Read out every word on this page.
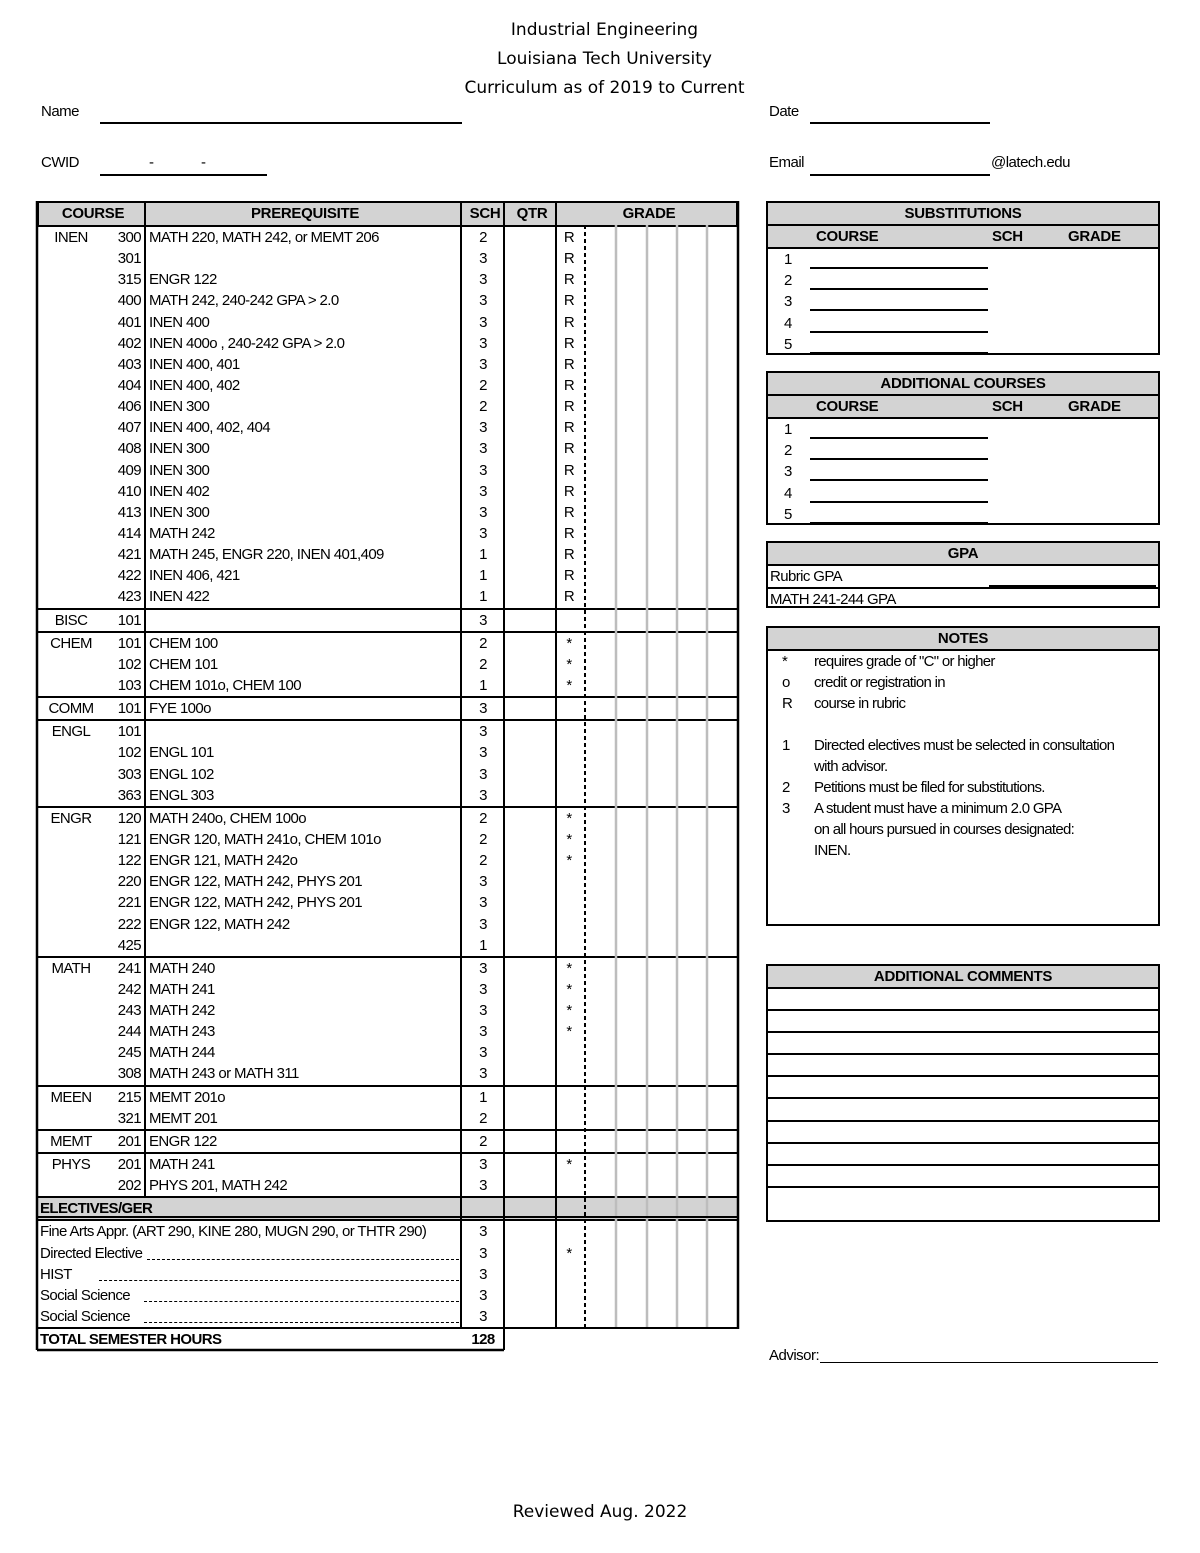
Industrial Engineering
Louisiana Tech University
Curriculum as of 2019 to Current
Name	Date
CWID	-	-	Email	@latech.edu
COURSE	PREREQUISITE	SCH	QTR	GRADE
INEN	300 MATH 220, MATH 242, or MEMT 206	2	R
301	3	R
315 ENGR 122	3	R
400 MATH 242, 240-242 GPA > 2.0	3	R
401 INEN 400	3	R
402 INEN 400o , 240-242 GPA > 2.0	3	R
403 INEN 400, 401	3	R
404 INEN 400, 402	2	R
406 INEN 300	2	R
407 INEN 400, 402, 404	3	R
408 INEN 300	3	R
409 INEN 300	3	R
410 INEN 402	3	R
413 INEN 300	3	R
414 MATH 242	3	R
421 MATH 245, ENGR 220, INEN 401,409	1	R
422 INEN 406, 421	1	R
423 INEN 422	1	R
BISC	101	3
CHEM	101 CHEM 100	2	*
102 CHEM 101	2	*
103 CHEM 101o, CHEM 100	1	*
COMM	101 FYE 100o	3
ENGL	101	3
102 ENGL 101	3
303 ENGL 102	3
363 ENGL 303	3
ENGR	120 MATH 240o, CHEM 100o	2	*
121 ENGR 120, MATH 241o, CHEM 101o	2	*
122 ENGR 121, MATH 242o	2	*
220 ENGR 122, MATH 242, PHYS 201	3
221 ENGR 122, MATH 242, PHYS 201	3
222 ENGR 122, MATH 242	3
425	1
MATH	241 MATH 240	3	*
242 MATH 241	3	*
243 MATH 242	3	*
244 MATH 243	3	*
245 MATH 244	3
308 MATH 243 or MATH 311	3
MEEN	215 MEMT 201o	1
321 MEMT 201	2
MEMT	201 ENGR 122	2
PHYS	201 MATH 241	3	*
202 PHYS 201, MATH 242	3
ELECTIVES/GER
Fine Arts Appr. (ART 290, KINE 280, MUGN 290, or THTR 290)	3
Directed Elective	3	*
HIST	3
Social Science	3
Social Science	3
TOTAL SEMESTER HOURS	128
SUBSTITUTIONS
COURSE	SCH	GRADE
1
2
3
4
5
ADDITIONAL COURSES
COURSE	SCH	GRADE
1
2
3
4
5
GPA
Rubric GPA
MATH 241-244 GPA
NOTES
*	requires grade of "C" or higher
o	credit or registration in
R	course in rubric
1	Directed electives must be selected in consultation
with advisor.
2	Petitions must be filed for substitutions.
3	A student must have a minimum 2.0 GPA
on all hours pursued in courses designated:
INEN.
ADDITIONAL COMMENTS
Advisor:
Reviewed Aug. 2022
